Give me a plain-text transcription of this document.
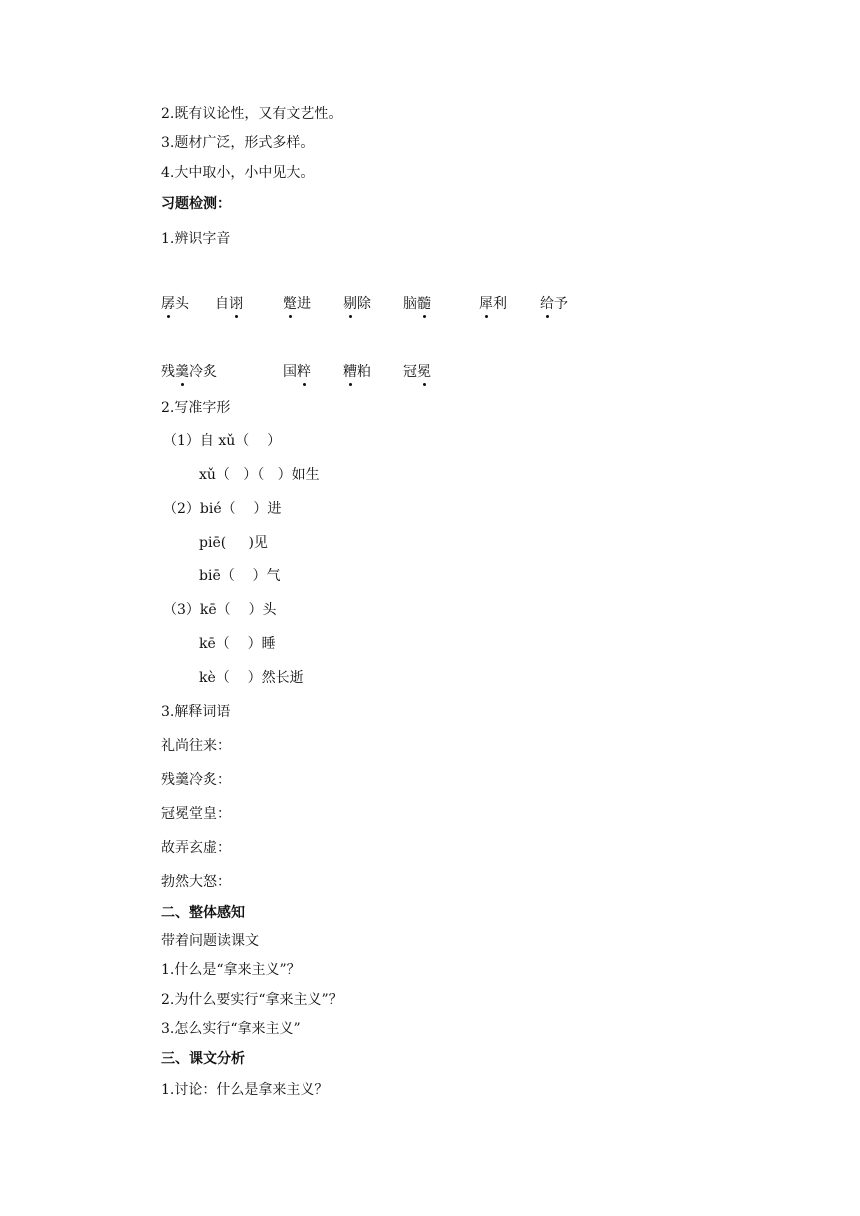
2.既有议论性，又有文艺性。
3.题材广泛，形式多样。
4.大中取小，小中见大。
习题检测：
1.辨识字音
孱头 自诩	蹩进 剔除 脑髓	犀利 给予
残羹冷炙	国粹 糟粕 冠冕
2.写准字形
（1）自 xǔ（    ）
xǔ（   ）（   ）如生
（2）bié（    ）进
piē(     )见
biē（    ）气
（3）kē（    ）头
kē（    ）睡
kè（    ）然长逝
3.解释词语
礼尚往来：
残羹冷炙：
冠冕堂皇：
故弄玄虚：
勃然大怒：
二、整体感知
带着问题读课文
1.什么是“拿来主义”？
2.为什么要实行“拿来主义”？
3.怎么实行“拿来主义”
三、课文分析
1.讨论：什么是拿来主义？
